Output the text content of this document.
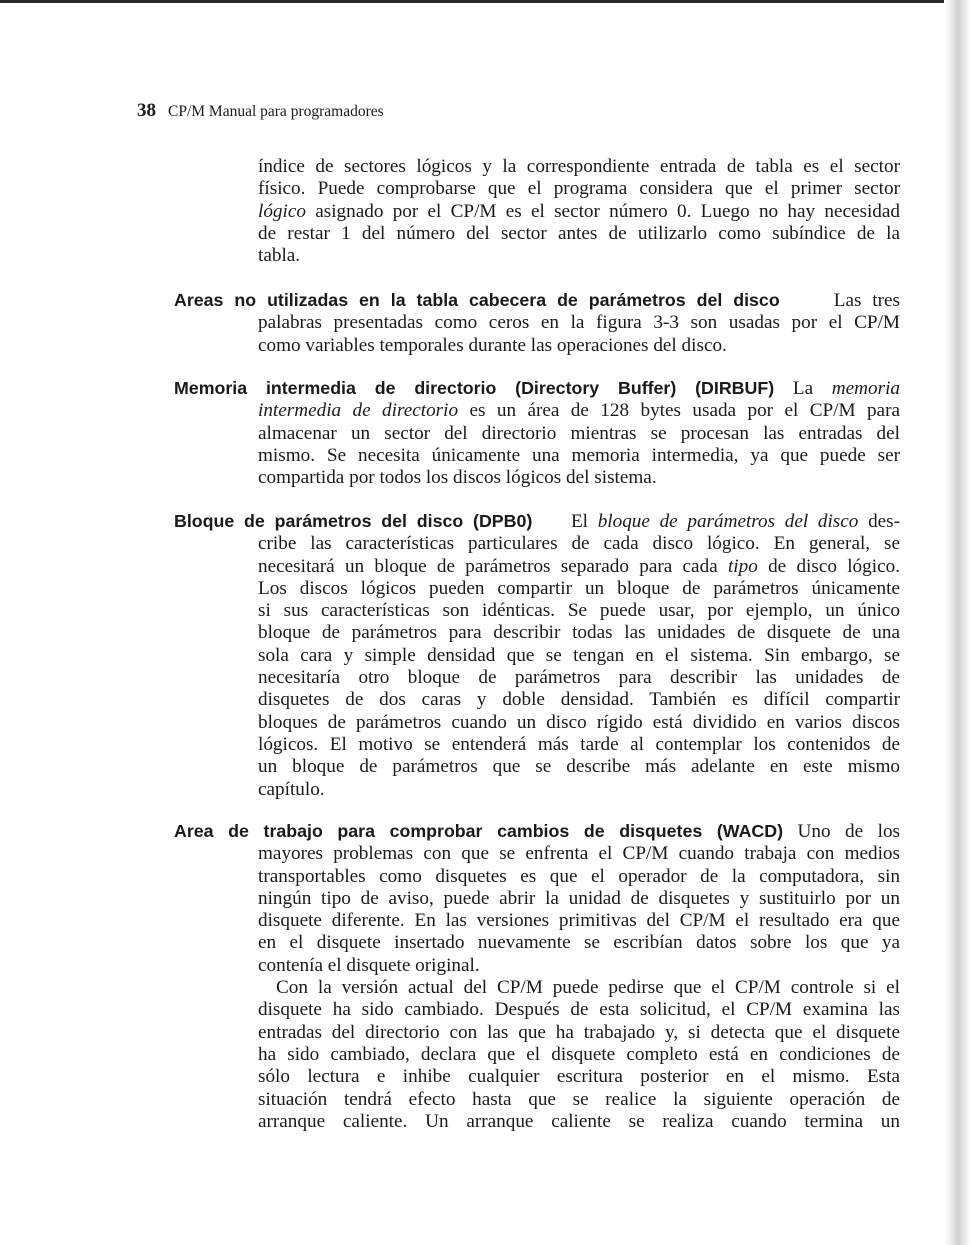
38 CP/M Manual para programadores
índice de sectores lógicos y la correspondiente entrada de tabla es el sector
físico. Puede comprobarse que el programa considera que el primer sector
lógico asignado por el CP/M es el sector número 0. Luego no hay necesidad
de restar 1 del número del sector antes de utilizarlo como subíndice de la
tabla.
Areas no utilizadas en la tabla cabecera de parámetros del disco	Las tres
palabras presentadas como ceros en la figura 3-3 son usadas por el CP/M
como variables temporales durante las operaciones del disco.
Memoria intermedia de directorio (Directory Buffer) (DIRBUF) La memoria
intermedia de directorio es un área de 128 bytes usada por el CP/M para
almacenar un sector del directorio mientras se procesan las entradas del
mismo. Se necesita únicamente una memoria intermedia, ya que puede ser
compartida por todos los discos lógicos del sistema.
Bloque de parámetros del disco (DPB0) El bloque de parámetros del disco des-
cribe las características particulares de cada disco lógico. En general, se
necesitará un bloque de parámetros separado para cada tipo de disco lógico.
Los discos lógicos pueden compartir un bloque de parámetros únicamente
si sus características son idénticas. Se puede usar, por ejemplo, un único
bloque de parámetros para describir todas las unidades de disquete de una
sola cara y simple densidad que se tengan en el sistema. Sin embargo, se
necesitaría otro bloque de parámetros para describir las unidades de
disquetes de dos caras y doble densidad. También es difícil compartir
bloques de parámetros cuando un disco rígido está dividido en varios discos
lógicos. El motivo se entenderá más tarde al contemplar los contenidos de
un bloque de parámetros que se describe más adelante en este mismo
capítulo.
Area de trabajo para comprobar cambios de disquetes (WACD) Uno de los
mayores problemas con que se enfrenta el CP/M cuando trabaja con medios
transportables como disquetes es que el operador de la computadora, sin
ningún tipo de aviso, puede abrir la unidad de disquetes y sustituirlo por un
disquete diferente. En las versiones primitivas del CP/M el resultado era que
en el disquete insertado nuevamente se escribían datos sobre los que ya
contenía el disquete original.
Con la versión actual del CP/M puede pedirse que el CP/M controle si el
disquete ha sido cambiado. Después de esta solicitud, el CP/M examina las
entradas del directorio con las que ha trabajado y, si detecta que el disquete
ha sido cambiado, declara que el disquete completo está en condiciones de
sólo lectura e inhibe cualquier escritura posterior en el mismo. Esta
situación tendrá efecto hasta que se realice la siguiente operación de
arranque caliente. Un arranque caliente se realiza cuando termina un
